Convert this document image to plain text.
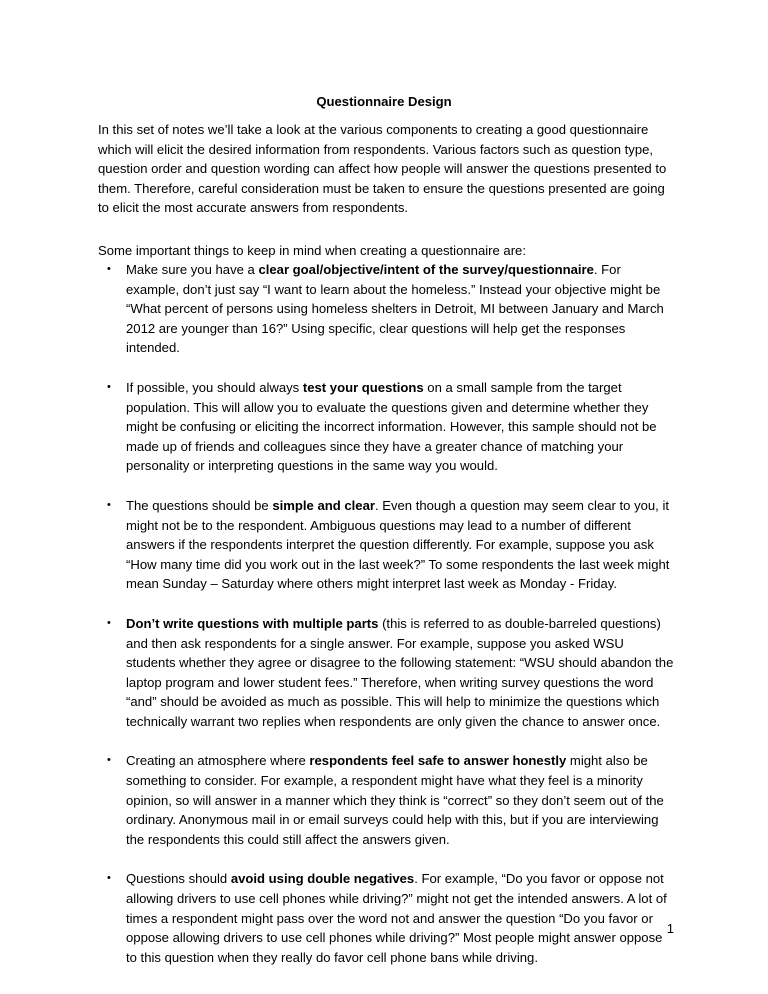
Questionnaire Design

In this set of notes we’ll take a look at the various components to creating a good questionnaire which will elicit the desired information from respondents. Various factors such as question type, question order and question wording can affect how people will answer the questions presented to them. Therefore, careful consideration must be taken to ensure the questions presented are going to elicit the most accurate answers from respondents.

Some important things to keep in mind when creating a questionnaire are:

• Make sure you have a clear goal/objective/intent of the survey/questionnaire. For example, don’t just say “I want to learn about the homeless.” Instead your objective might be “What percent of persons using homeless shelters in Detroit, MI between January and March 2012 are younger than 16?” Using specific, clear questions will help get the responses intended.
• If possible, you should always test your questions on a small sample from the target population. This will allow you to evaluate the questions given and determine whether they might be confusing or eliciting the incorrect information. However, this sample should not be made up of friends and colleagues since they have a greater chance of matching your personality or interpreting questions in the same way you would.
• The questions should be simple and clear. Even though a question may seem clear to you, it might not be to the respondent. Ambiguous questions may lead to a number of different answers if the respondents interpret the question differently. For example, suppose you ask “How many time did you work out in the last week?” To some respondents the last week might mean Sunday – Saturday where others might interpret last week as Monday - Friday.
• Don’t write questions with multiple parts (this is referred to as double-barreled questions) and then ask respondents for a single answer. For example, suppose you asked WSU students whether they agree or disagree to the following statement: “WSU should abandon the laptop program and lower student fees.” Therefore, when writing survey questions the word “and” should be avoided as much as possible. This will help to minimize the questions which technically warrant two replies when respondents are only given the chance to answer once.
• Creating an atmosphere where respondents feel safe to answer honestly might also be something to consider. For example, a respondent might have what they feel is a minority opinion, so will answer in a manner which they think is “correct” so they don’t seem out of the ordinary. Anonymous mail in or email surveys could help with this, but if you are interviewing the respondents this could still affect the answers given.
• Questions should avoid using double negatives. For example, “Do you favor or oppose not allowing drivers to use cell phones while driving?” might not get the intended answers. A lot of times a respondent might pass over the word not and answer the question “Do you favor or oppose allowing drivers to use cell phones while driving?” Most people might answer oppose to this question when they really do favor cell phone bans while driving.

1
